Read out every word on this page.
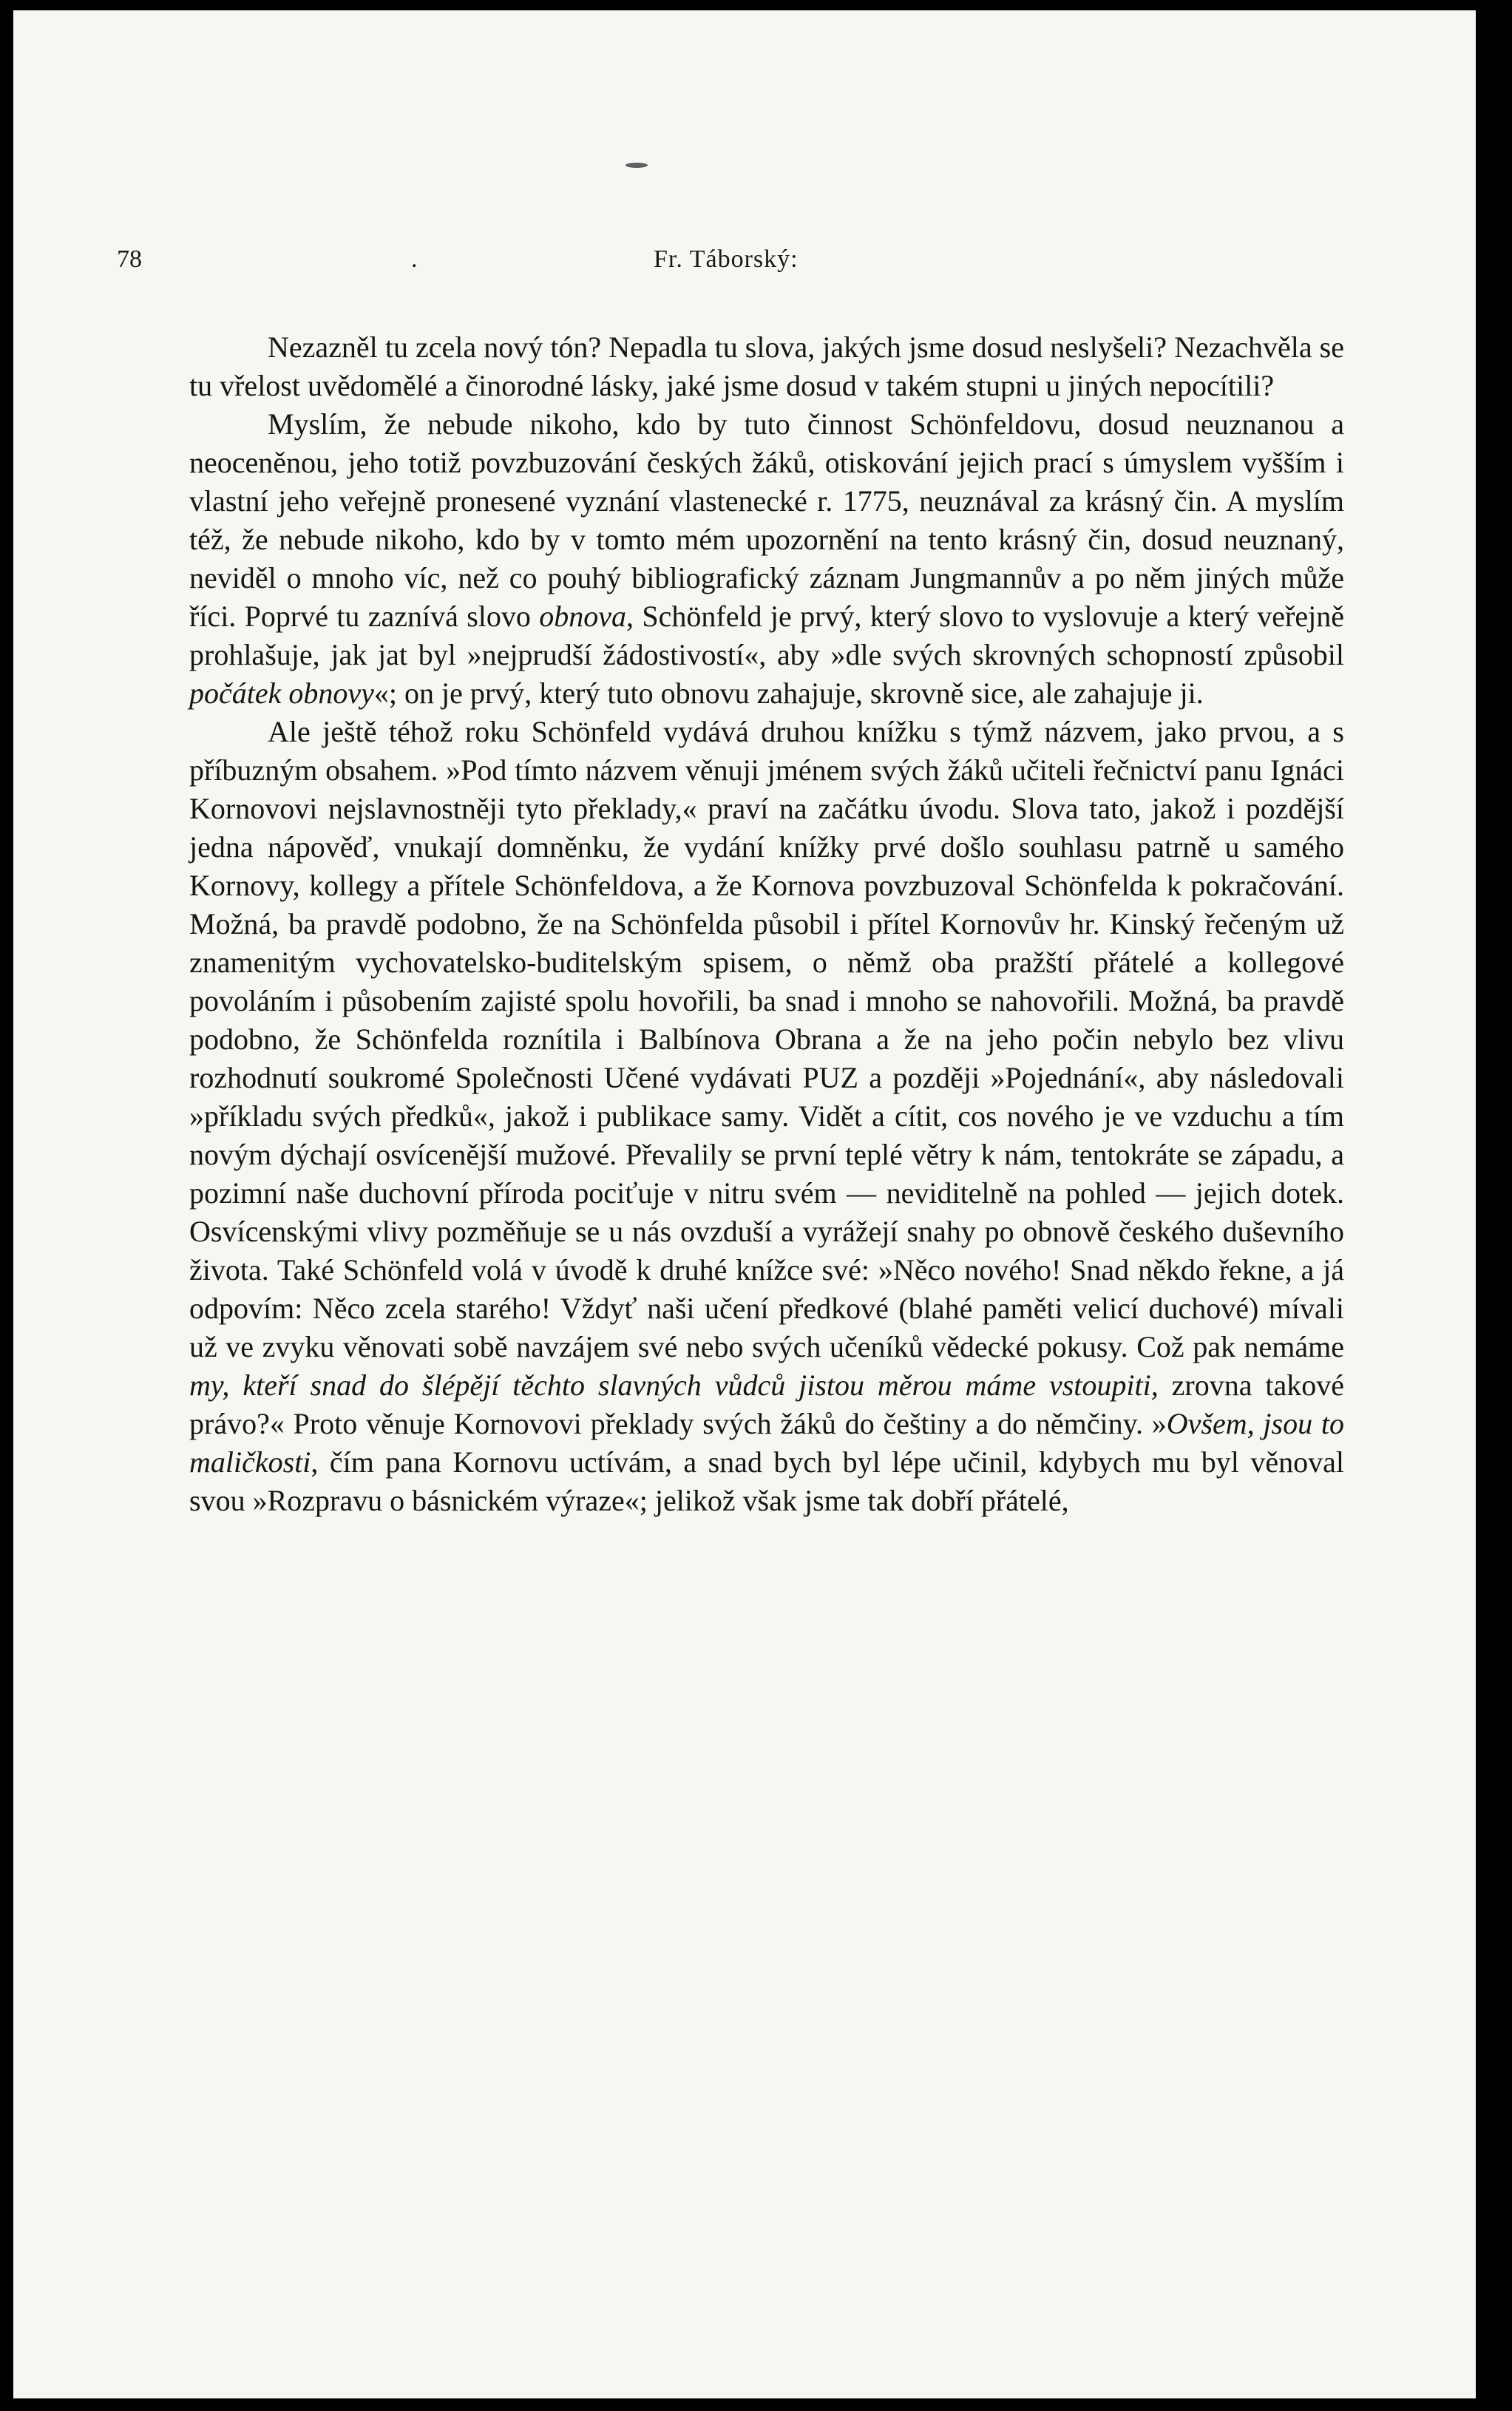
78	.	Fr. Táborský:

Nezazněl tu zcela nový tón? Nepadla tu slova, jakých jsme dosud neslyšeli? Nezachvěla se tu vřelost uvědomělé a činorodné lásky, jaké jsme dosud v takém stupni u jiných nepocítili?

Myslím, že nebude nikoho, kdo by tuto činnost Schönfeldovu, dosud neuznanou a neoceněnou, jeho totiž povzbuzování českých žáků, otiskování jejich prací s úmyslem vyšším i vlastní jeho veřejně pronesené vyznání vlastenecké r. 1775, neuznával za krásný čin. A myslím též, že nebude nikoho, kdo by v tomto mém upozornění na tento krásný čin, dosud neuznaný, neviděl o mnoho víc, než co pouhý bibliografický záznam Jungmannův a po něm jiných může říci. Poprvé tu zaznívá slovo obnova, Schönfeld je prvý, který slovo to vyslovuje a který veřejně prohlašuje, jak jat byl »nejprudší žádostivostí«, aby »dle svých skrovných schopností způsobil počátek obnovy«; on je prvý, který tuto obnovu zahajuje, skrovně sice, ale zahajuje ji.

Ale ještě téhož roku Schönfeld vydává druhou knížku s týmž názvem, jako prvou, a s příbuzným obsahem. »Pod tímto názvem věnuji jménem svých žáků učiteli řečnictví panu Ignáci Kornovovi nejslavnostněji tyto překlady,« praví na začátku úvodu. Slova tato, jakož i pozdější jedna nápověď, vnukají domněnku, že vydání knížky prvé došlo souhlasu patrně u samého Kornovy, kollegy a přítele Schönfeldova, a že Kornova povzbuzoval Schönfelda k pokračování. Možná, ba pravdě podobno, že na Schönfelda působil i přítel Kornovův hr. Kinský řečeným už znamenitým vychovatelsko-buditelským spisem, o němž oba pražští přátelé a kollegové povoláním i působením zajisté spolu hovořili, ba snad i mnoho se nahovořili. Možná, ba pravdě podobno, že Schönfelda roznítila i Balbínova Obrana a že na jeho počin nebylo bez vlivu rozhodnutí soukromé Společnosti Učené vydávati PUZ a později »Pojednání«, aby následovali »příkladu svých předků«, jakož i publikace samy. Vidět a cítit, cos nového je ve vzduchu a tím novým dýchají osvícenější mužové. Převalily se první teplé větry k nám, tentokráte se západu, a pozimní naše duchovní příroda pociťuje v nitru svém — neviditelně na pohled — jejich dotek. Osvícenskými vlivy pozměňuje se u nás ovzduší a vyrážejí snahy po obnově českého duševního života. Také Schönfeld volá v úvodě k druhé knížce své: »Něco nového! Snad někdo řekne, a já odpovím: Něco zcela starého! Vždyť naši učení předkové (blahé paměti velicí duchové) mívali už ve zvyku věnovati sobě navzájem své nebo svých učeníků vědecké pokusy. Což pak nemáme my, kteří snad do šlépějí těchto slavných vůdců jistou měrou máme vstoupiti, zrovna takové právo?« Proto věnuje Kornovovi překlady svých žáků do češtiny a do němčiny. »Ovšem, jsou to maličkosti, čím pana Kornovu uctívám, a snad bych byl lépe učinil, kdybych mu byl věnoval svou »Rozpravu o básnickém výraze«; jelikož však jsme tak dobří přátelé,
